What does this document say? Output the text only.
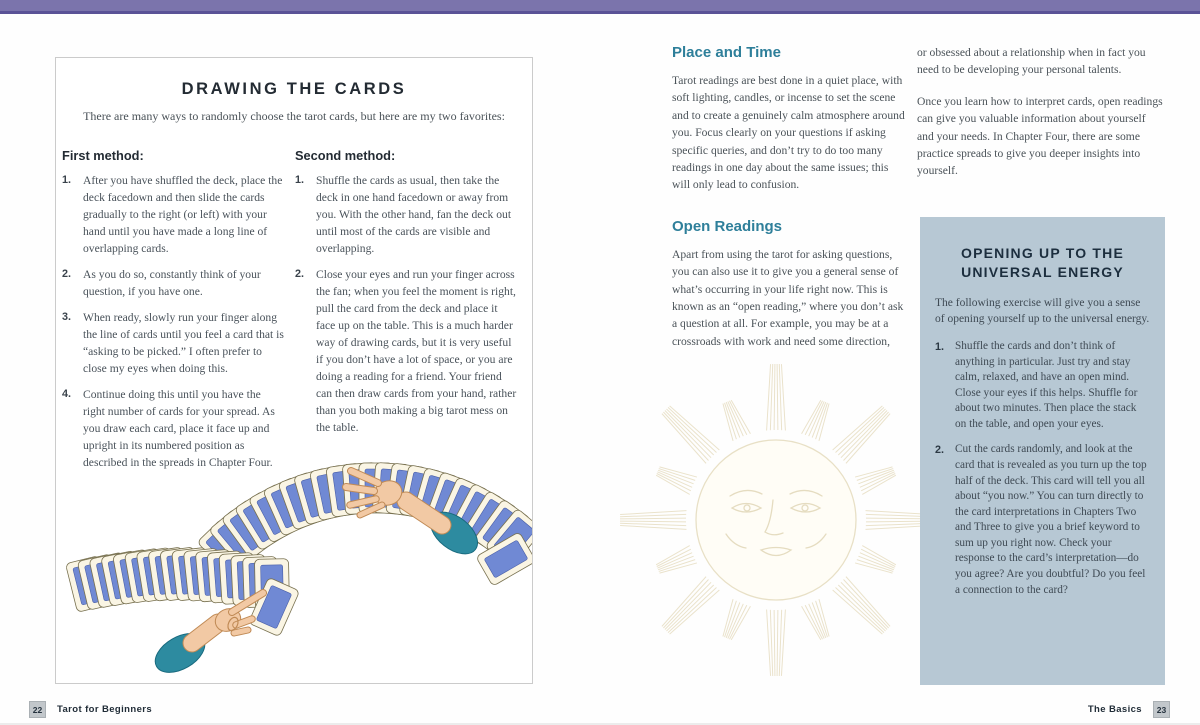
DRAWING THE CARDS

There are many ways to randomly choose the tarot cards, but here are my two favorites:

First method:
1.	After you have shuffled the deck, place the deck facedown and then slide the cards gradually to the right (or left) with your hand until you have made a long line of overlapping cards.
2.	As you do so, constantly think of your question, if you have one.
3.	When ready, slowly run your finger along the line of cards until you feel a card that is “asking to be picked.” I often prefer to close my eyes when doing this.
4.	Continue doing this until you have the right number of cards for your spread. As you draw each card, place it face up and upright in its numbered position as described in the spreads in Chapter Four.
Second method:
1.	Shuffle the cards as usual, then take the deck in one hand facedown or away from you. With the other hand, fan the deck out until most of the cards are visible and overlapping.
2.	Close your eyes and run your finger across the fan; when you feel the moment is right, pull the card from the deck and place it face up on the table. This is a much harder way of drawing cards, but it is very useful if you don’t have a lot of space, or you are doing a reading for a friend. Your friend can then draw cards from your hand, rather than you both making a big tarot mess on the table.
Place and Time

Tarot readings are best done in a quiet place, with soft lighting, candles, or incense to set the scene and to create a genuinely calm atmosphere around you. Focus clearly on your questions if asking specific queries, and don’t try to do too many readings in one day about the same issues; this will only lead to confusion.

Open Readings

Apart from using the tarot for asking questions, you can also use it to give you a general sense of what’s occurring in your life right now. This is known as an “open reading,” where you don’t ask a question at all. For example, you may be at a crossroads with work and need some direction,

or obsessed about a relationship when in fact you need to be developing your personal talents.

Once you learn how to interpret cards, open readings can give you valuable information about yourself and your needs. In Chapter Four, there are some practice spreads to give you deeper insights into yourself.

OPENING UP TO THE UNIVERSAL ENERGY

The following exercise will give you a sense of opening yourself up to the universal energy.

1. Shuffle the cards and don’t think of anything in particular. Just try and stay calm, relaxed, and have an open mind. Close your eyes if this helps. Shuffle for about two minutes. Then place the stack on the table, and open your eyes.
2. Cut the cards randomly, and look at the card that is revealed as you turn up the top half of the deck. This card will tell you all about “you now.” You can turn directly to the card interpretations in Chapters Two and Three to give you a brief keyword to sum up you right now. Check your response to the card’s interpretation—do you agree? Are you doubtful? Do you feel a connection to the card?
22	Tarot for Beginners	The Basics	23
